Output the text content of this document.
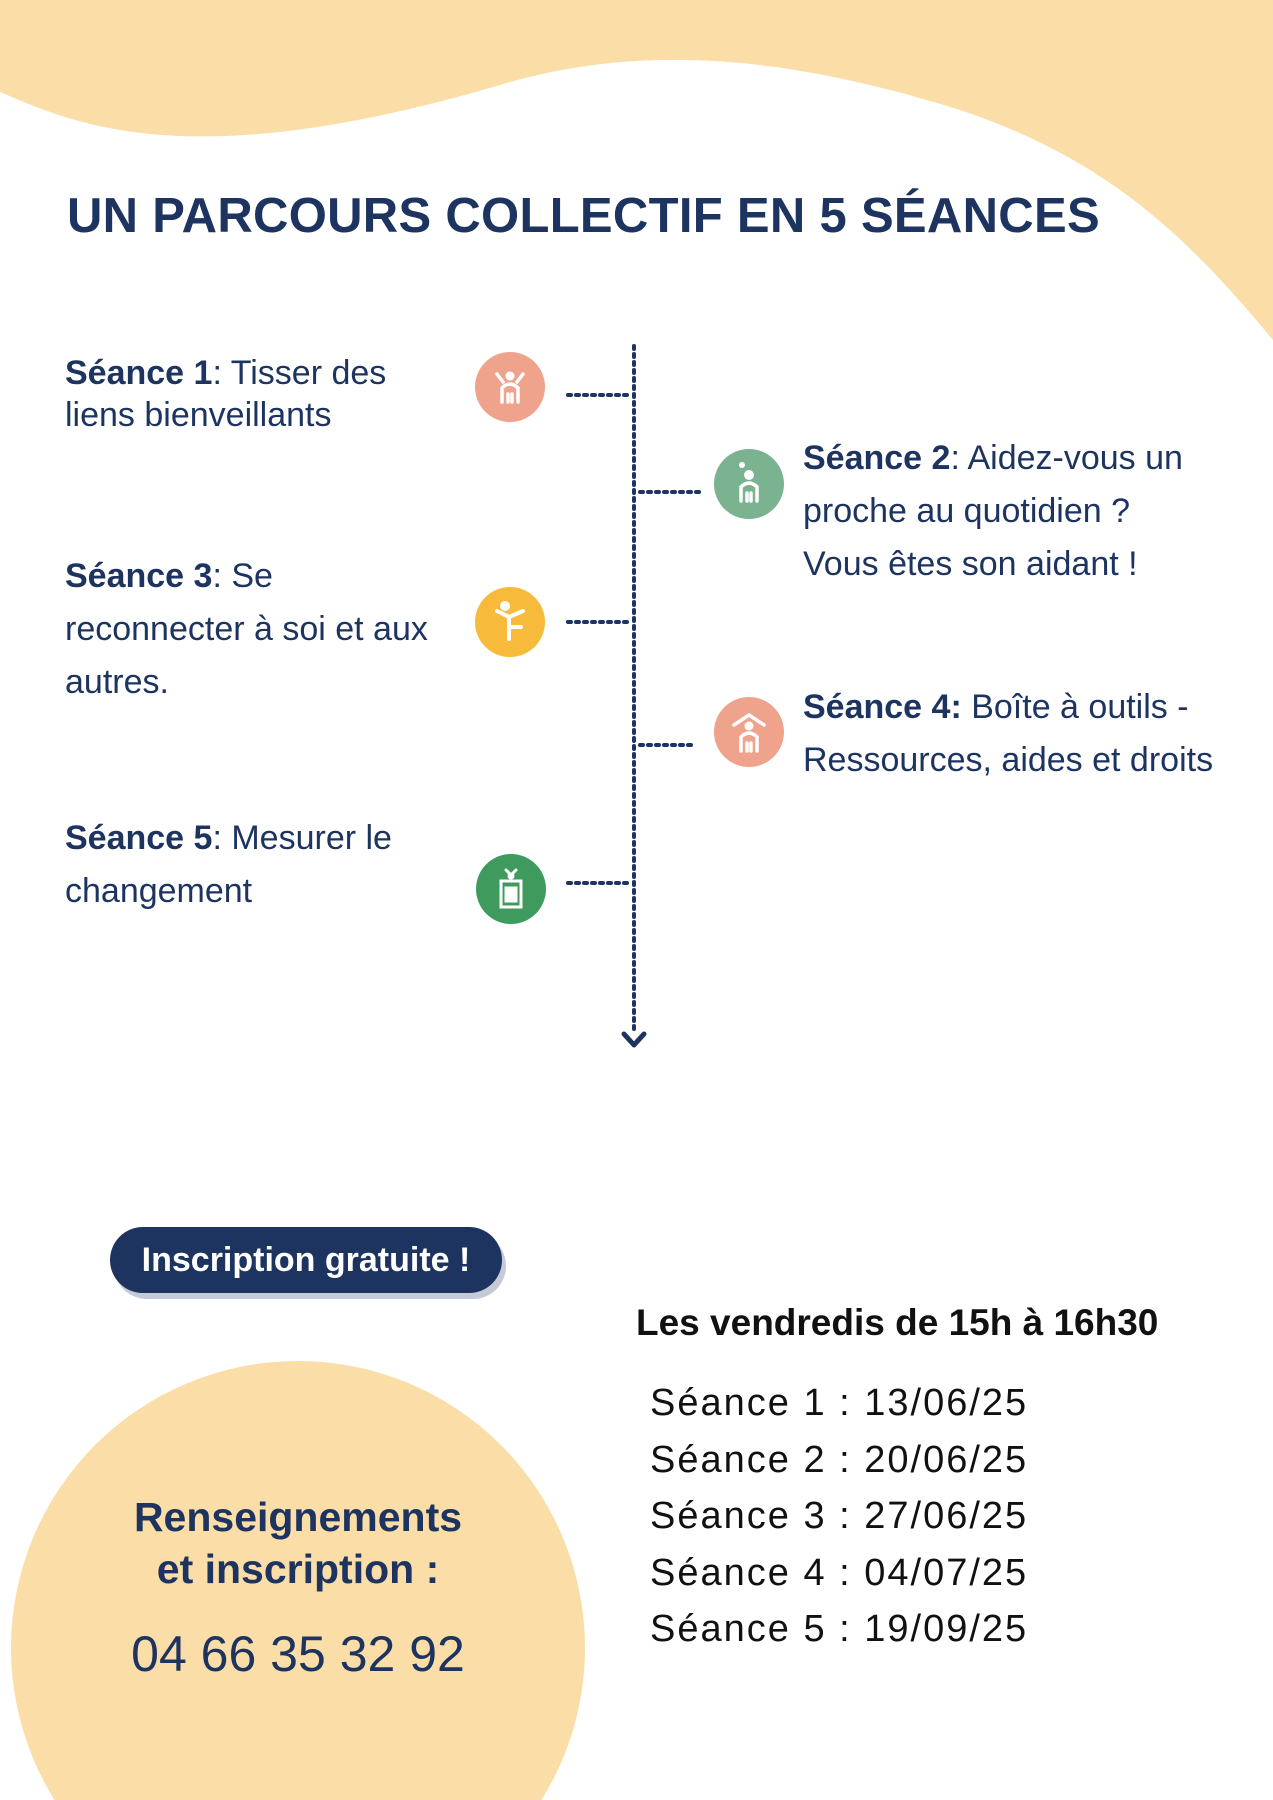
UN PARCOURS COLLECTIF EN 5 SÉANCES
Séance 1: Tisser des
liens bienveillants
Séance 2: Aidez-vous un
proche au quotidien ?
Vous êtes son aidant !
Séance 3: Se
reconnecter à soi et aux
autres.
Séance 4: Boîte à outils -
Ressources, aides et droits
Séance 5: Mesurer le
changement
Inscription gratuite !
Renseignements
et inscription :
04 66 35 32 92
Les vendredis de 15h à 16h30
Séance 1 : 13/06/25
Séance 2 : 20/06/25
Séance 3 : 27/06/25
Séance 4 : 04/07/25
Séance 5 : 19/09/25
